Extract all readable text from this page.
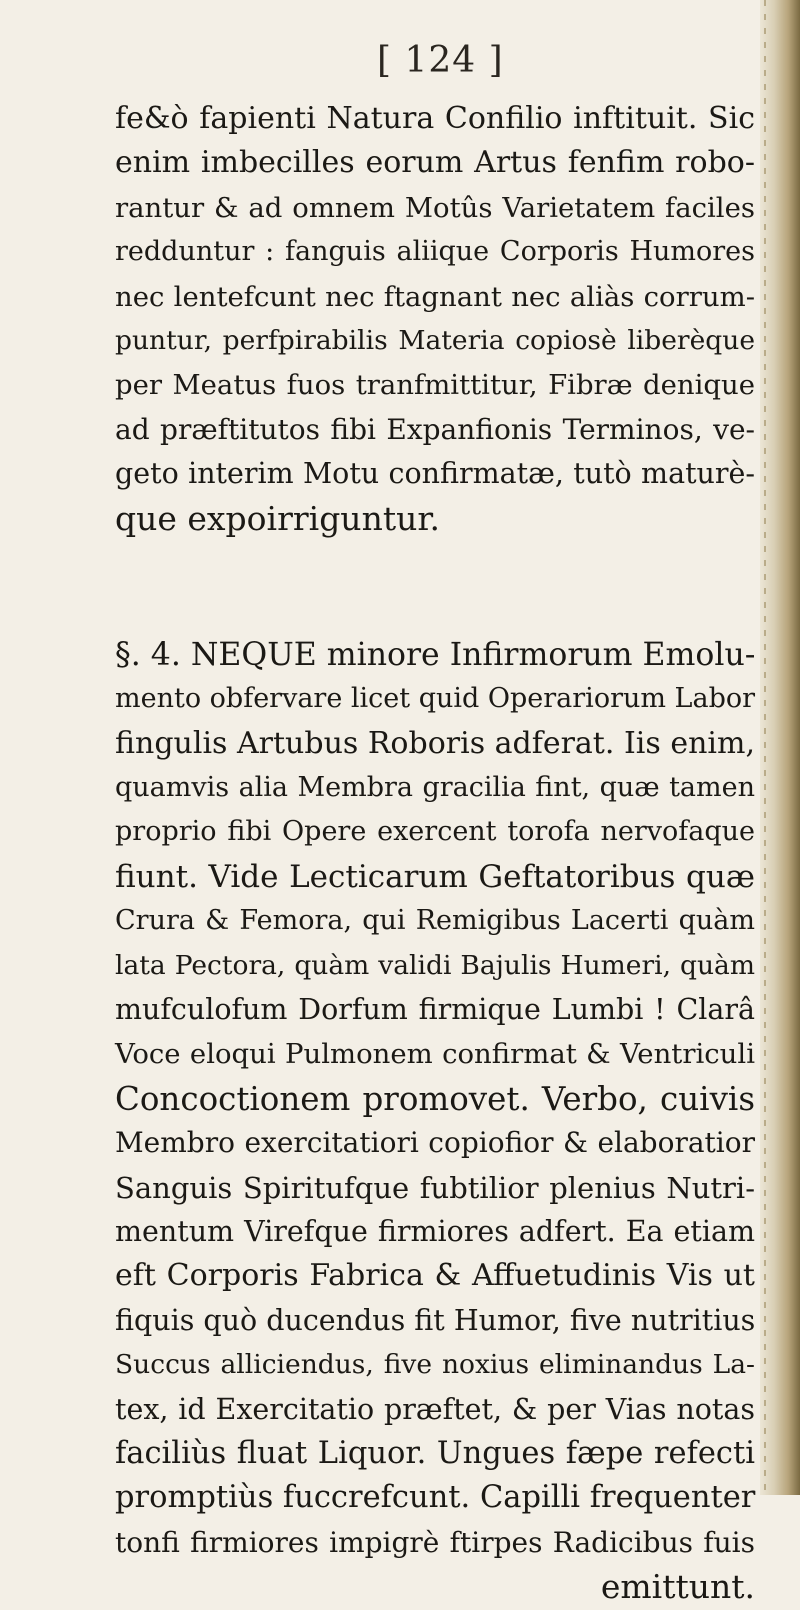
[ 124 ]
fe&ò fapienti Natura Confilio inftituit. Sic
enim imbecilles eorum Artus fenfim robo-
rantur & ad omnem Motûs Varietatem faciles
redduntur : fanguis aliique Corporis Humores
nec lentefcunt nec ftagnant nec aliàs corrum-
puntur, perfpirabilis Materia copiosè liberèque
per Meatus fuos tranfmittitur, Fibræ denique
ad præftitutos fibi Expanfionis Terminos, ve-
geto interim Motu confirmatæ, tutò maturè-
que expoirriguntur.
§. 4. NEQUE minore Infirmorum Emolu-
mento obfervare licet quid Operariorum Labor
fingulis Artubus Roboris adferat. Iis enim,
quamvis alia Membra gracilia fint, quæ tamen
proprio fibi Opere exercent torofa nervofaque
fiunt. Vide Lecticarum Geftatoribus quæ
Crura & Femora, qui Remigibus Lacerti quàm
lata Pectora, quàm validi Bajulis Humeri, quàm
mufculofum Dorfum firmique Lumbi ! Clarâ
Voce eloqui Pulmonem confirmat & Ventriculi
Concoctionem promovet. Verbo, cuivis
Membro exercitatiori copiofior & elaboratior
Sanguis Spiritufque fubtilior plenius Nutri-
mentum Virefque firmiores adfert. Ea etiam
eft Corporis Fabrica & Affuetudinis Vis ut
fiquis quò ducendus fit Humor, five nutritius
Succus alliciendus, five noxius eliminandus La-
tex, id Exercitatio præftet, & per Vias notas
faciliùs fluat Liquor. Ungues fæpe refecti
promptiùs fuccrefcunt. Capilli frequenter
tonfi firmiores impigrè ftirpes Radicibus fuis
emittunt.
